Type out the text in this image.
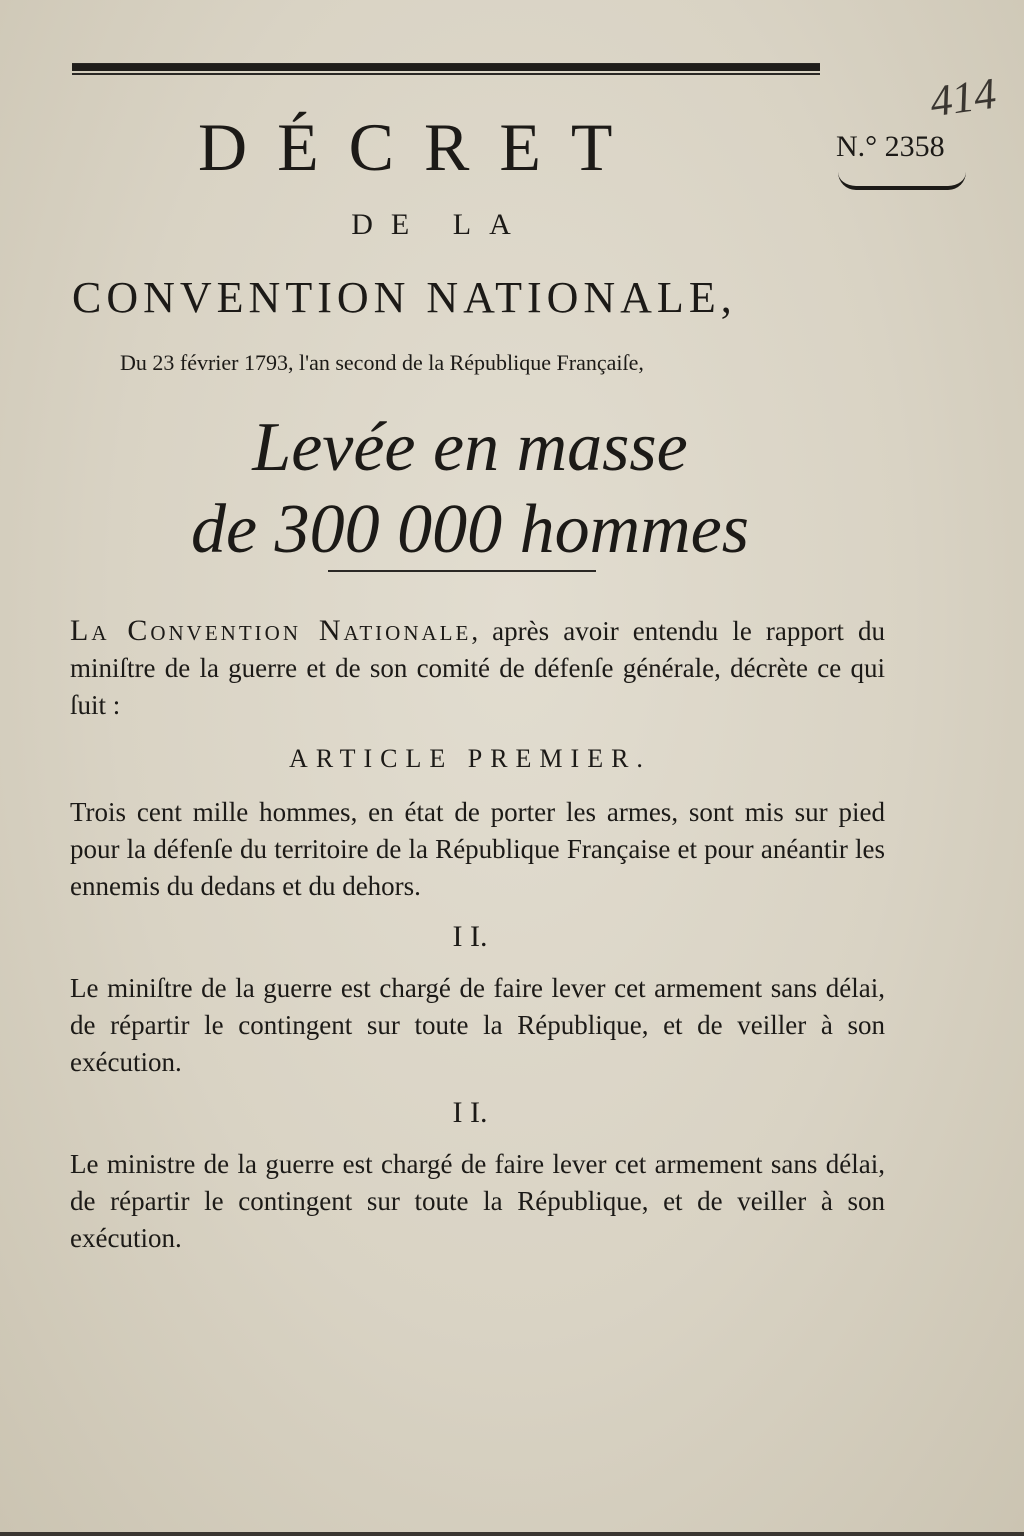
DÉCRET
414
N.° 2358
DE LA
CONVENTION NATIONALE,
Du 23 février 1793, l'an second de la République Françaiſe,
Levée en masse
de 300 000 hommes
La Convention Nationale, après avoir entendu le rapport du miniſtre de la guerre et de son comité de défenſe générale, décrète ce qui ſuit :
ARTICLE PREMIER.
Trois cent mille hommes, en état de porter les armes, sont mis sur pied pour la défenſe du territoire de la République Française et pour anéantir les ennemis du dedans et du dehors.
I I.
Le miniſtre de la guerre est chargé de faire lever cet armement sans délai, de répartir le contingent sur toute la République, et de veiller à son exécution.
I I.
Le ministre de la guerre est chargé de faire lever cet armement sans délai, de répartir le contingent sur toute la République, et de veiller à son exécution.
